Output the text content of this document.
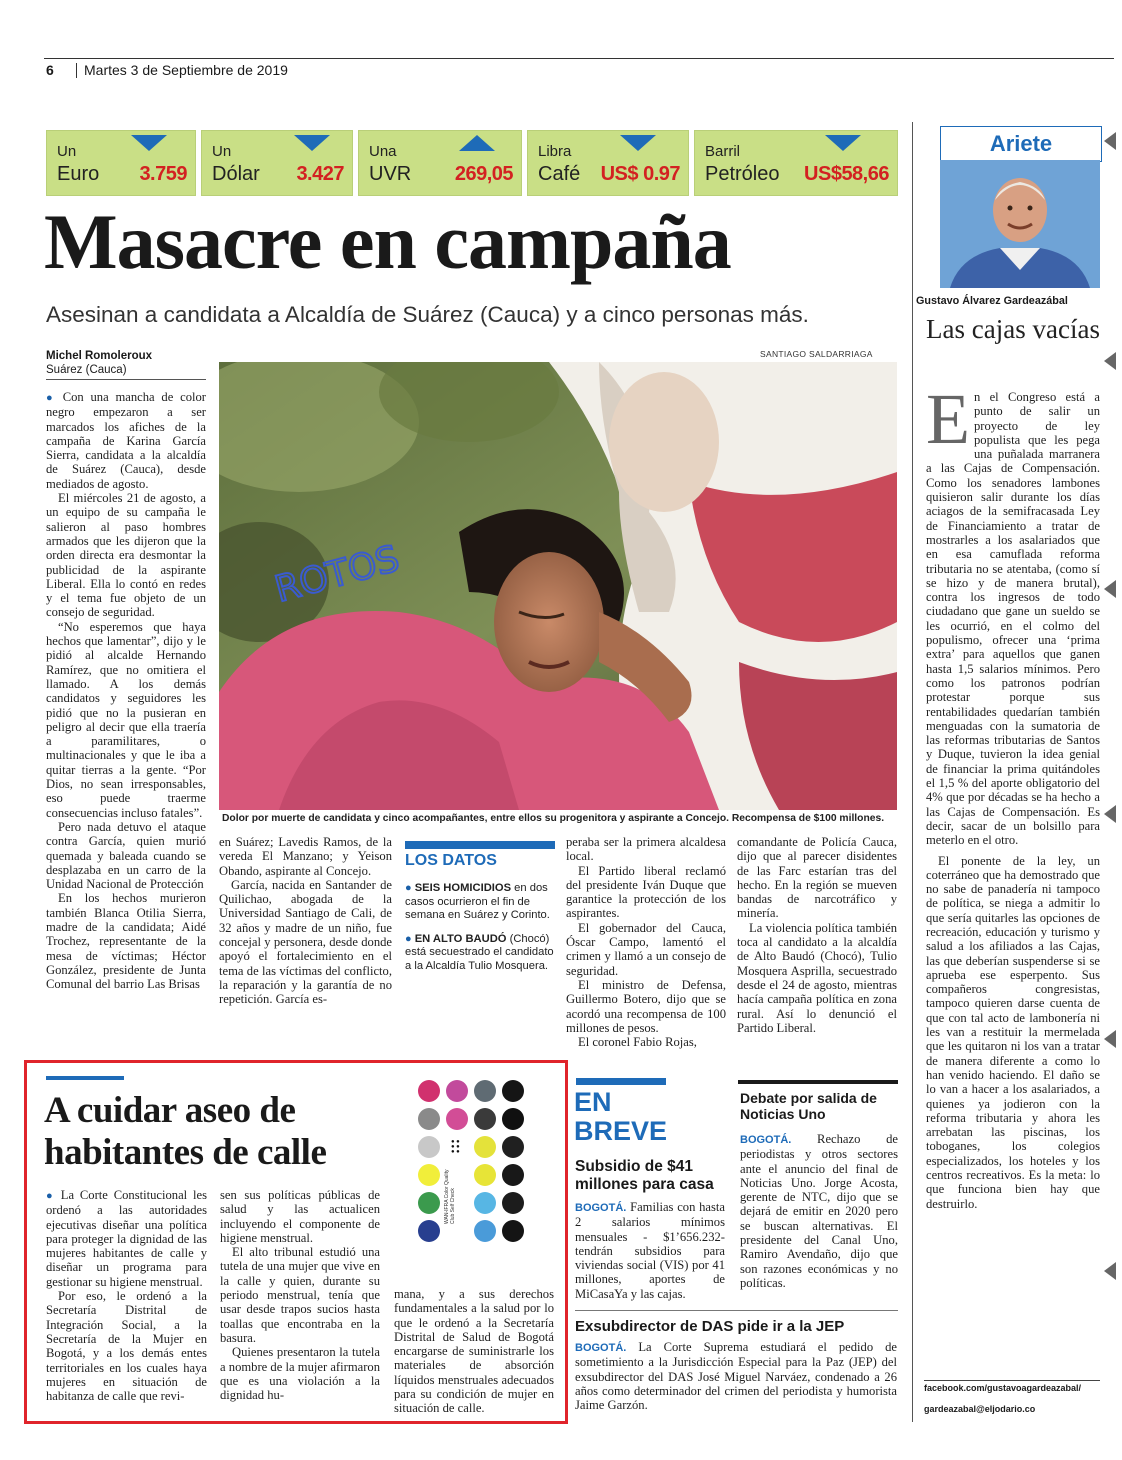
6 Martes 3 de Septiembre de 2019
Un
Euro 3.759
Un
Dólar 3.427
Una
UVR 269,05
Libra
Café US$ 0.97
Barril
Petróleo US$58,66
Masacre en campaña
Asesinan a candidata a Alcaldía de Suárez (Cauca) y a cinco personas más.
Michel Romoleroux
Suárez (Cauca)
SANTIAGO SALDARRIAGA

● Con una mancha de color negro empezaron a ser marcados los afiches de la campaña de Karina García Sierra, candidata a la alcaldía de Suárez (Cauca), desde mediados de agosto.

El miércoles 21 de agosto, a un equipo de su campaña le salieron al paso hombres armados que les dijeron que la orden directa era desmontar la publicidad de la aspirante Liberal. Ella lo contó en redes y el tema fue objeto de un consejo de seguridad.

“No esperemos que haya hechos que lamentar”, dijo y le pidió al alcalde Hernando Ramírez, que no omitiera el llamado. A los demás candidatos y seguidores les pidió que no la pusieran en peligro al decir que ella traería a paramilitares, o multinacionales y que le iba a quitar tierras a la gente. “Por Dios, no sean irresponsables, eso puede traerme consecuencias incluso fatales”.

Pero nada detuvo el ataque contra García, quien murió quemada y baleada cuando se desplazaba en un carro de la Unidad Nacional de Protección

En los hechos murieron también Blanca Otilia Sierra, madre de la candidata; Aidé Trochez, representante de la mesa de víctimas; Héctor González, presidente de Junta Comunal del barrio Las Brisas

ROTOS
Dolor por muerte de candidata y cinco acompañantes, entre ellos su progenitora y aspirante a Concejo. Recompensa de $100 millones.

en Suárez; Lavedis Ramos, de la vereda El Manzano; y Yeison Obando, aspirante al Concejo.

García, nacida en Santander de Quilichao, abogada de la Universidad Santiago de Cali, de 32 años y madre de un niño, fue concejal y personera, desde donde apoyó el fortalecimiento en el tema de las víctimas del conflicto, la reparación y la garantía de no repetición. García es-

LOS DATOS
● SEIS HOMICIDIOS en dos casos ocurrieron el fin de semana en Suárez y Corinto.
● EN ALTO BAUDÓ (Chocó) está secuestrado el candidato a la Alcaldía Tulio Mosquera.

peraba ser la primera alcaldesa local.

El Partido liberal reclamó del presidente Iván Duque que garantice la protección de los aspirantes.

El gobernador del Cauca, Óscar Campo, lamentó el crimen y llamó a un consejo de seguridad.

El ministro de Defensa, Guillermo Botero, dijo que se acordó una recompensa de 100 millones de pesos.

El coronel Fabio Rojas,

comandante de Policía Cauca, dijo que al parecer disidentes de las Farc estarían tras del hecho. En la región se mueven bandas de narcotráfico y minería.

La violencia política también toca al candidato a la alcaldía de Alto Baudó (Chocó), Tulio Mosquera Asprilla, secuestrado desde el 24 de agosto, mientras hacía campaña política en zona rural. Así lo denunció el Partido Liberal.

Ariete
Gustavo Álvarez Gardeazábal
Las cajas vacías

En el Congreso está a punto de salir un proyecto de ley populista que les pega una puñalada marranera a las Cajas de Compensación. Como los senadores lambones quisieron salir durante los días aciagos de la semifracasada Ley de Financiamiento a tratar de mostrarles a los asalariados que en esa camuflada reforma tributaria no se atentaba, (como sí se hizo y de manera brutal), contra los ingresos de todo ciudadano que gane un sueldo se les ocurrió, en el colmo del populismo, ofrecer una ‘prima extra’ para aquellos que ganen hasta 1,5 salarios mínimos. Pero como los patronos podrían protestar porque sus rentabilidades quedarían también menguadas con la sumatoria de las reformas tributarias de Santos y Duque, tuvieron la idea genial de financiar la prima quitándoles el 1,5 % del aporte obligatorio del 4% que por décadas se ha hecho a las Cajas de Compensación. Es decir, sacar de un bolsillo para meterlo en el otro.

El ponente de la ley, un coterráneo que ha demostrado que no sabe de panadería ni tampoco de política, se niega a admitir lo que sería quitarles las opciones de recreación, educación y turismo y salud a los afiliados a las Cajas, las que deberían suspenderse si se aprueba ese esperpento. Sus compañeros congresistas, tampoco quieren darse cuenta de que con tal acto de lambonería ni les van a restituir la mermelada que les quitaron ni los van a tratar de manera diferente a como lo han venido haciendo. El daño se lo van a hacer a los asalariados, a quienes ya jodieron con la reforma tributaria y ahora les arrebatan las piscinas, los toboganes, los colegios especializados, los hoteles y los centros recreativos. Es la meta: lo que funciona bien hay que destruirlo.

facebook.com/gustavoagardeazabal/
gardeazabal@eljodario.co
A cuidar aseo de habitantes de calle

● La Corte Constitucional les ordenó a las autoridades ejecutivas diseñar una política para proteger la dignidad de las mujeres habitantes de calle y diseñar un programa para gestionar su higiene menstrual.

Por eso, le ordenó a la Secretaría Distrital de Integración Social, a la Secretaría de la Mujer en Bogotá, y a los demás entes territoriales en los cuales haya mujeres en situación de habitanza de calle que revi-

sen sus políticas públicas de salud y las actualicen incluyendo el componente de higiene menstrual.

El alto tribunal estudió una tutela de una mujer que vive en la calle y quien, durante su periodo menstrual, tenía que usar desde trapos sucios hasta toallas que encontraba en la basura.

Quienes presentaron la tutela a nombre de la mujer afirmaron que es una violación a la dignidad hu-

mana, y a sus derechos fundamentales a la salud por lo que le ordenó a la Secretaría Distrital de Salud de Bogotá encargarse de suministrarle los materiales de absorción líquidos menstruales adecuados para su condición de mujer en situación de calle.

● ●
● ●
● ●
WAN-IFRA Color Quality Club Self Check
EN BREVE
Subsidio de $41 millones para casa

BOGOTÁ. Familias con hasta 2 salarios mínimos mensuales - $1’656.232- tendrán subsidios para viviendas social (VIS) por 41 millones, aportes de MiCasaYa y las cajas.

Debate por salida de Noticias Uno

BOGOTÁ. Rechazo de periodistas y otros sectores ante el anuncio del final de Noticias Uno. Jorge Acosta, gerente de NTC, dijo que se dejará de emitir en 2020 pero se buscan alternativas. El presidente del Canal Uno, Ramiro Avendaño, dijo que son razones económicas y no políticas.

Exsubdirector de DAS pide ir a la JEP

BOGOTÁ. La Corte Suprema estudiará el pedido de sometimiento a la Jurisdicción Especial para la Paz (JEP) del exsubdirector del DAS José Miguel Narváez, condenado a 26 años como determinador del crimen del periodista y humorista Jaime Garzón.
